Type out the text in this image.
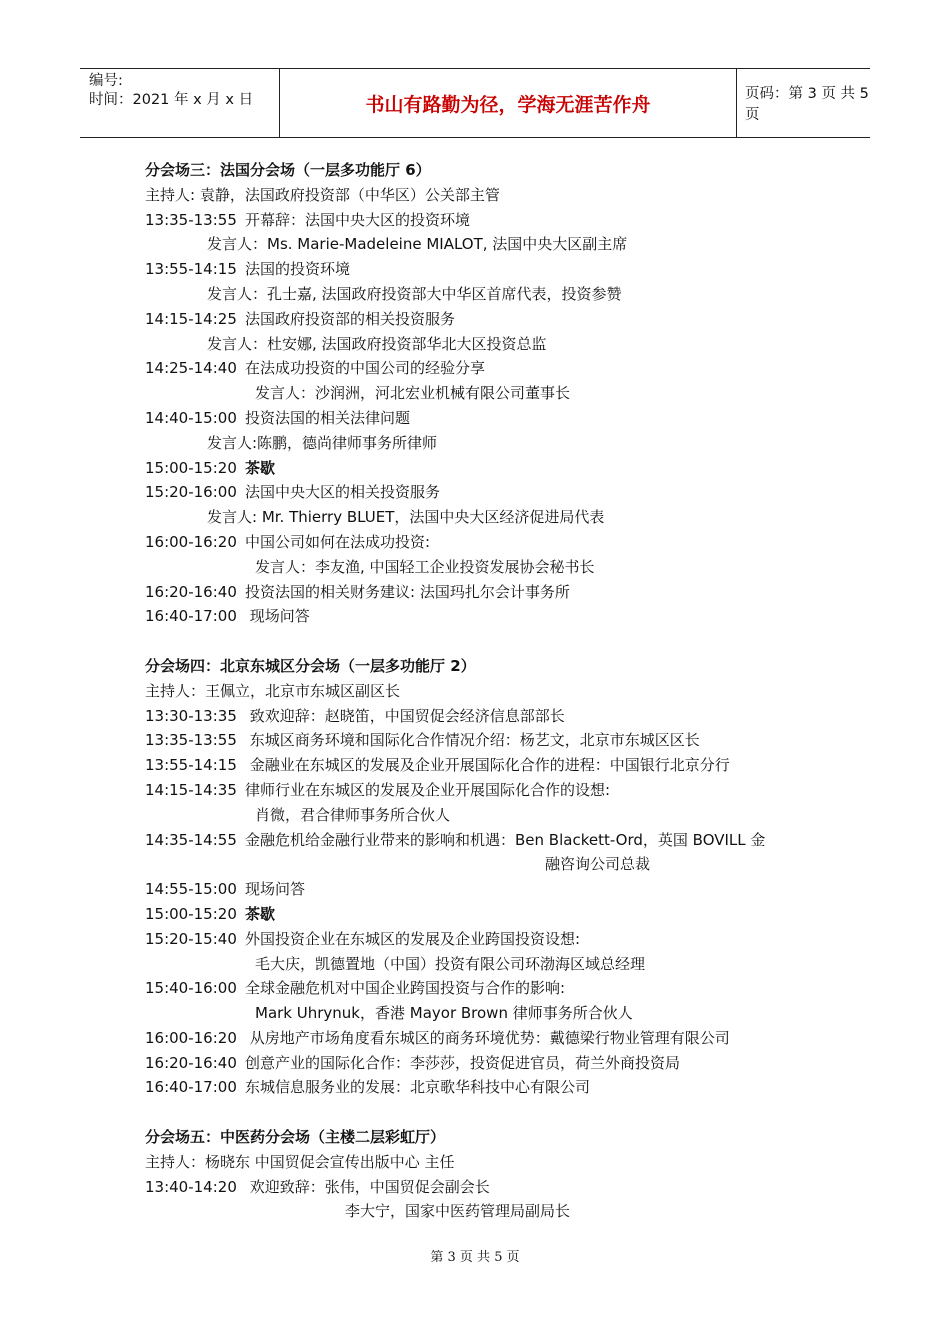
编号:
时间：2021 年 x 月 x 日	书山有路勤为径，学海无涯苦作舟	页码：第 3 页 共 5 页
分会场三：法国分会场（一层多功能厅 6）
主持人: 袁静，法国政府投资部（中华区）公关部主管
13:35-13:55 开幕辞：法国中央大区的投资环境
发言人：Ms. Marie-Madeleine MIALOT, 法国中央大区副主席
13:55-14:15 法国的投资环境
发言人：孔士嘉, 法国政府投资部大中华区首席代表，投资参赞
14:15-14:25 法国政府投资部的相关投资服务
发言人：杜安娜, 法国政府投资部华北大区投资总监
14:25-14:40 在法成功投资的中国公司的经验分享
发言人：沙润洲，河北宏业机械有限公司董事长
14:40-15:00 投资法国的相关法律问题
发言人:陈鹏，德尚律师事务所律师
15:00-15:20 茶歇
15:20-16:00 法国中央大区的相关投资服务
发言人: Mr. Thierry BLUET，法国中央大区经济促进局代表
16:00-16:20 中国公司如何在法成功投资:
发言人：李友渔, 中国轻工企业投资发展协会秘书长
16:20-16:40 投资法国的相关财务建议: 法国玛扎尔会计事务所
16:40-17:00 现场问答
分会场四：北京东城区分会场（一层多功能厅 2）
主持人：王佩立，北京市东城区副区长
13:30-13:35 致欢迎辞：赵晓笛，中国贸促会经济信息部部长
13:35-13:55 东城区商务环境和国际化合作情况介绍：杨艺文，北京市东城区区长
13:55-14:15 金融业在东城区的发展及企业开展国际化合作的进程：中国银行北京分行
14:15-14:35 律师行业在东城区的发展及企业开展国际化合作的设想:
肖微，君合律师事务所合伙人
14:35-14:55 金融危机给金融行业带来的影响和机遇：Ben Blackett-Ord，英国 BOVILL 金
融咨询公司总裁
14:55-15:00 现场问答
15:00-15:20 茶歇
15:20-15:40 外国投资企业在东城区的发展及企业跨国投资设想:
毛大庆，凯德置地（中国）投资有限公司环渤海区域总经理
15:40-16:00 全球金融危机对中国企业跨国投资与合作的影响:
Mark Uhrynuk，香港 Mayor Brown 律师事务所合伙人
16:00-16:20 从房地产市场角度看东城区的商务环境优势：戴德梁行物业管理有限公司
16:20-16:40 创意产业的国际化合作：李莎莎，投资促进官员，荷兰外商投资局
16:40-17:00 东城信息服务业的发展：北京歌华科技中心有限公司
分会场五：中医药分会场（主楼二层彩虹厅）
主持人：杨晓东 中国贸促会宣传出版中心 主任
13:40-14:20 欢迎致辞：张伟，中国贸促会副会长
李大宁，国家中医药管理局副局长
第 3 页 共 5 页
